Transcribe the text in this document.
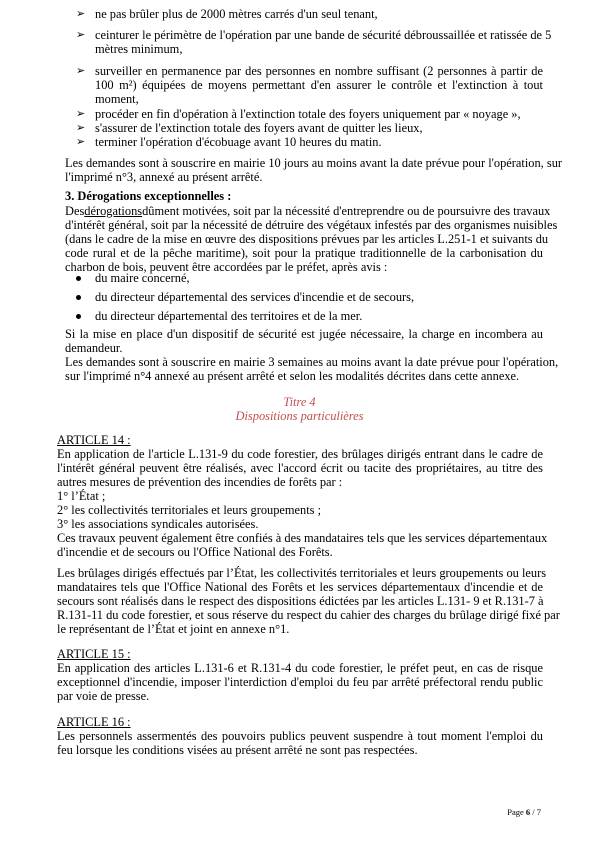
➢ ne pas brûler plus de 2000 mètres carrés d'un seul tenant,
➢ ceinturer le périmètre de l'opération par une bande de sécurité débroussaillée et ratissée de 5
mètres minimum,
➢ surveiller en permanence par des personnes en nombre suffisant (2 personnes à partir de
100 m²) équipées de moyens permettant d'en assurer le contrôle et l'extinction à tout
moment,
➢ procéder en fin d'opération à l'extinction totale des foyers uniquement par « noyage »,
➢ s'assurer de l'extinction totale des foyers avant de quitter les lieux,
➢ terminer l'opération d'écobuage avant 10 heures du matin.
Les demandes sont à souscrire en mairie 10 jours au moins avant la date prévue pour l'opération, sur
l'imprimé n°3, annexé au présent arrêté.
3. Dérogations exceptionnelles :
Des dérogations dûment motivées, soit par la nécessité d'entreprendre ou de poursuivre des travaux
d'intérêt général, soit par la nécessité de détruire des végétaux infestés par des organismes nuisibles
(dans le cadre de la mise en œuvre des dispositions prévues par les articles L.251-1 et suivants du
code rural et de la pêche maritime), soit pour la pratique traditionnelle de la carbonisation du
charbon de bois, peuvent être accordées par le préfet, après avis :
du maire concerné,
du directeur départemental des services d'incendie et de secours,
du directeur départemental des territoires et de la mer.
Si la mise en place d'un dispositif de sécurité est jugée nécessaire, la charge en incombera au
demandeur.
Les demandes sont à souscrire en mairie 3 semaines au moins avant la date prévue pour l'opération,
sur l'imprimé n°4 annexé au présent arrêté et selon les modalités décrites dans cette annexe.
Titre 4
Dispositions particulières
ARTICLE 14 :
En application de l'article L.131-9 du code forestier, des brûlages dirigés entrant dans le cadre de
l'intérêt général peuvent être réalisés, avec l'accord écrit ou tacite des propriétaires, au titre des
autres mesures de prévention des incendies de forêts par :
1° l’État ;
2° les collectivités territoriales et leurs groupements ;
3° les associations syndicales autorisées.
Ces travaux peuvent également être confiés à des mandataires tels que les services départementaux
d'incendie et de secours ou l'Office National des Forêts.
Les brûlages dirigés effectués par l’État, les collectivités territoriales et leurs groupements ou leurs
mandataires tels que l'Office National des Forêts et les services départementaux d'incendie et de
secours sont réalisés dans le respect des dispositions édictées par les articles L.131- 9 et R.131-7 à
R.131-11 du code forestier, et sous réserve du respect du cahier des charges du brûlage dirigé fixé par
le représentant de l’État et joint en annexe n°1.
ARTICLE 15 :
En application des articles L.131-6 et R.131-4 du code forestier, le préfet peut, en cas de risque
exceptionnel d'incendie, imposer l'interdiction d'emploi du feu par arrêté préfectoral rendu public
par voie de presse.
ARTICLE 16 :
Les personnels assermentés des pouvoirs publics peuvent suspendre à tout moment l'emploi du
feu lorsque les conditions visées au présent arrêté ne sont pas respectées.
Page 6 / 7
